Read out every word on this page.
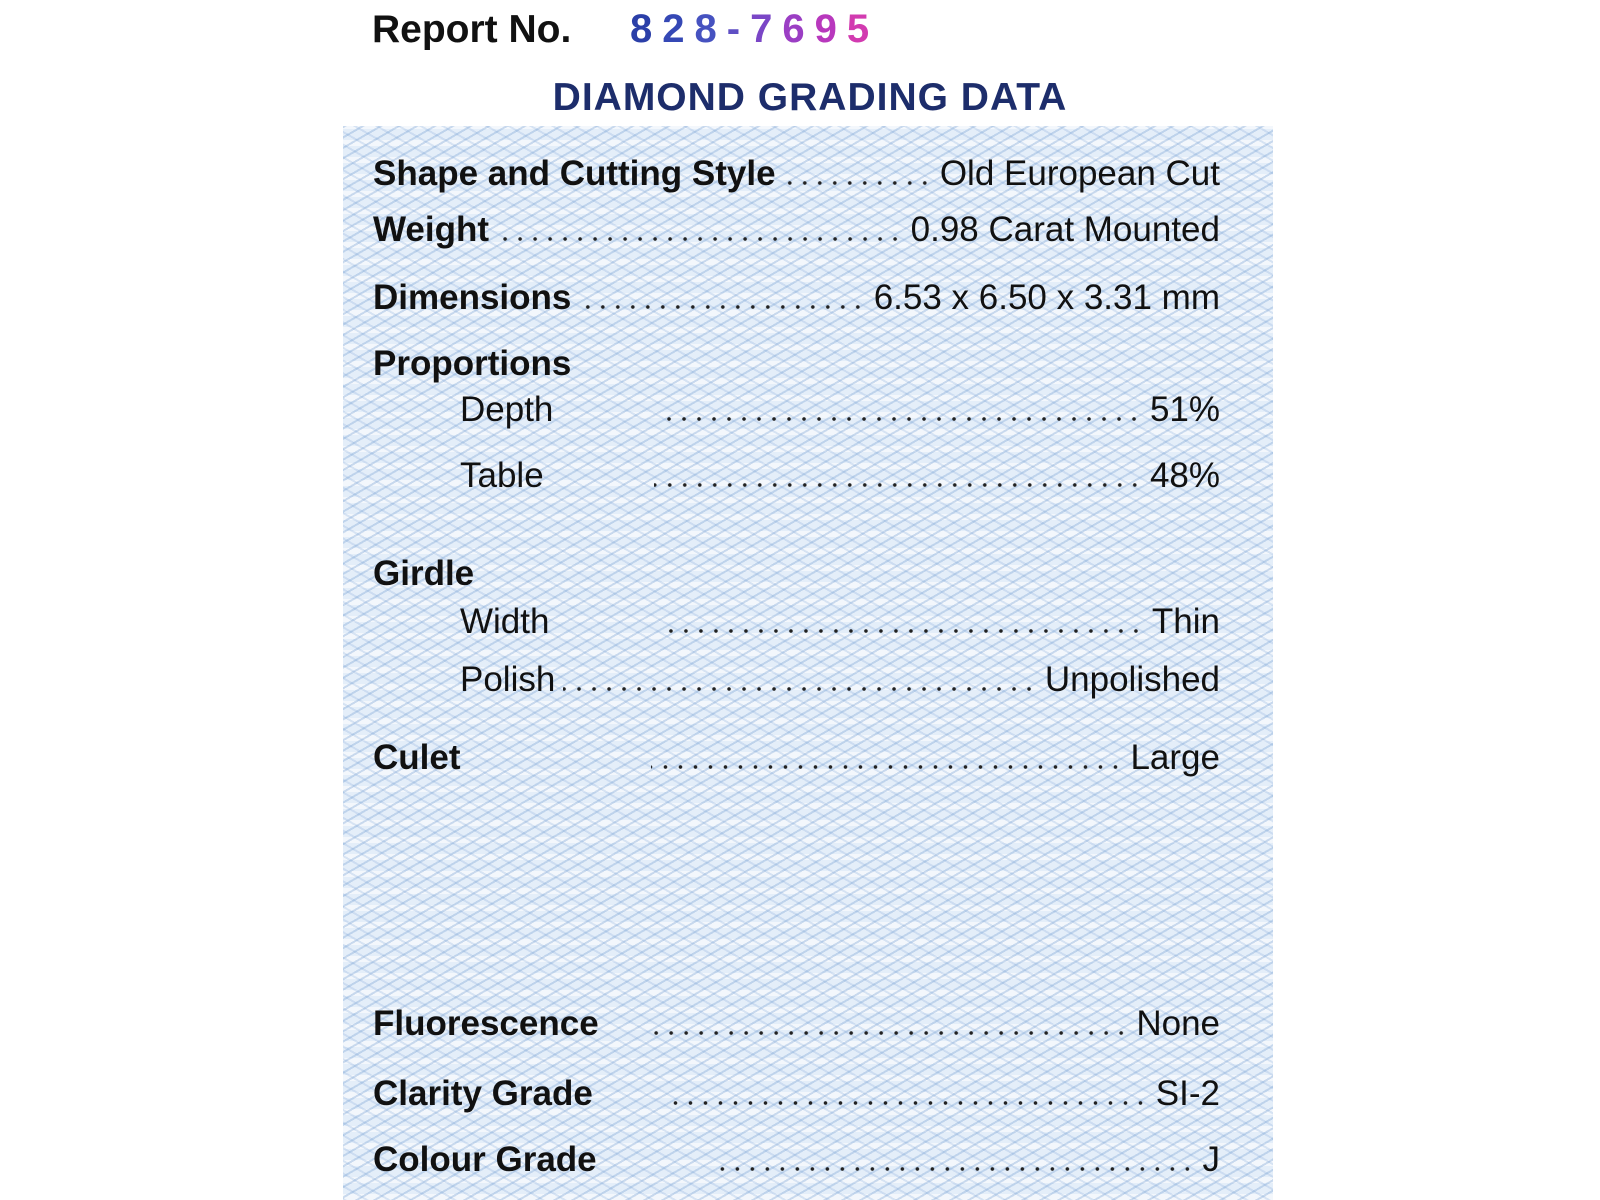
Report No. 828-7695
DIAMOND GRADING DATA
Shape and Cutting Style	Old European Cut
Weight	0.98 Carat Mounted
Dimensions	6.53 x 6.50 x 3.31 mm
Proportions
Depth	51%
Table	48%
Girdle
Width	Thin
Polish	Unpolished
Culet	Large
Fluorescence	None
Clarity Grade	SI-2
Colour Grade	J
